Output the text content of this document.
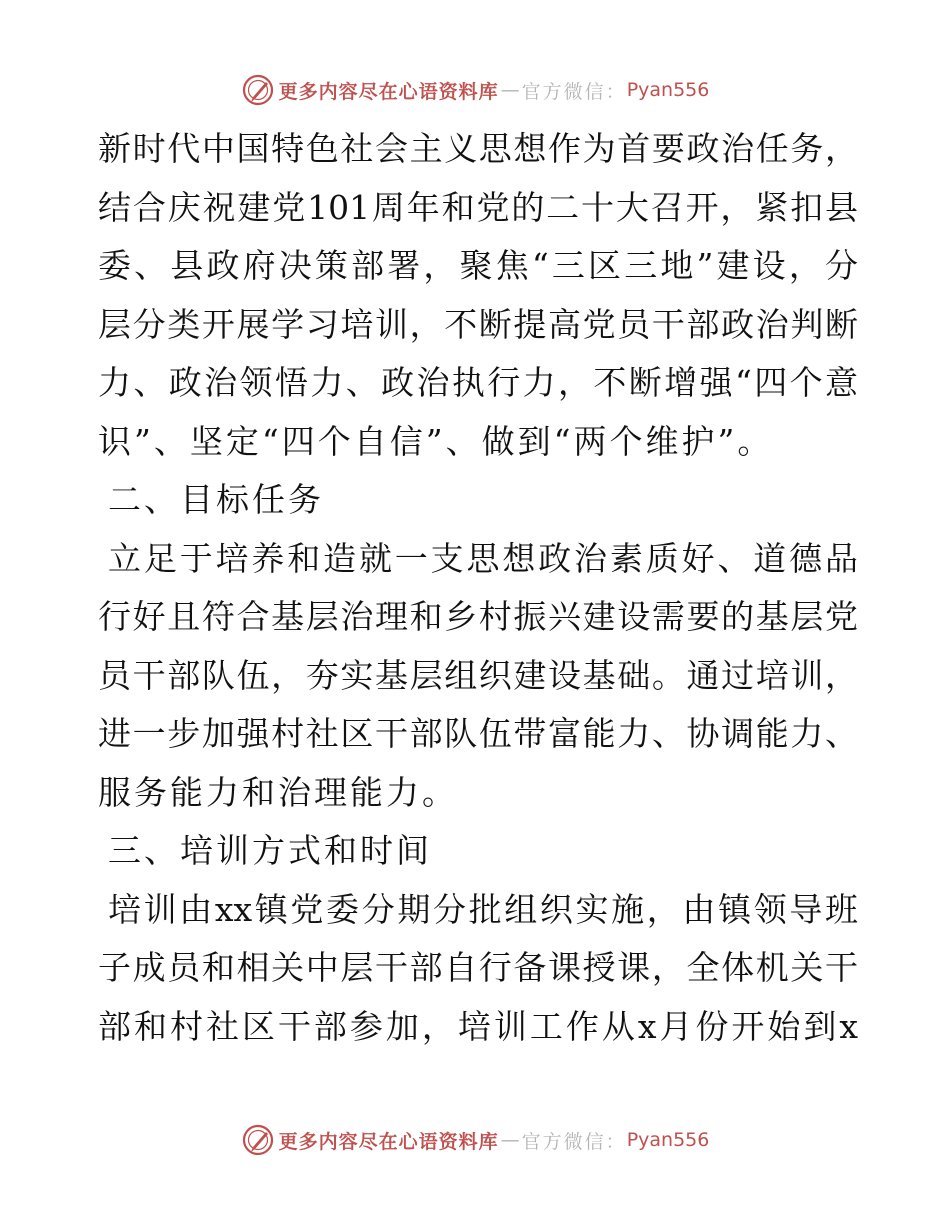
更多内容尽在心语资料库 — 官方微信： Pyan556
新时代中国特色社会主义思想作为首要政治任务，
结合庆祝建党101周年和党的二十大召开，紧扣县
委、县政府决策部署，聚焦“三区三地”建设，分
层分类开展学习培训，不断提高党员干部政治判断
力、政治领悟力、政治执行力，不断增强“四个意
识”、坚定“四个自信”、做到“两个维护”。
二、目标任务
立足于培养和造就一支思想政治素质好、道德品
行好且符合基层治理和乡村振兴建设需要的基层党
员干部队伍，夯实基层组织建设基础。通过培训，
进一步加强村社区干部队伍带富能力、协调能力、
服务能力和治理能力。
三、培训方式和时间
培训由xx镇党委分期分批组织实施，由镇领导班
子成员和相关中层干部自行备课授课，全体机关干
部和村社区干部参加，培训工作从x月份开始到x
更多内容尽在心语资料库 — 官方微信： Pyan556
